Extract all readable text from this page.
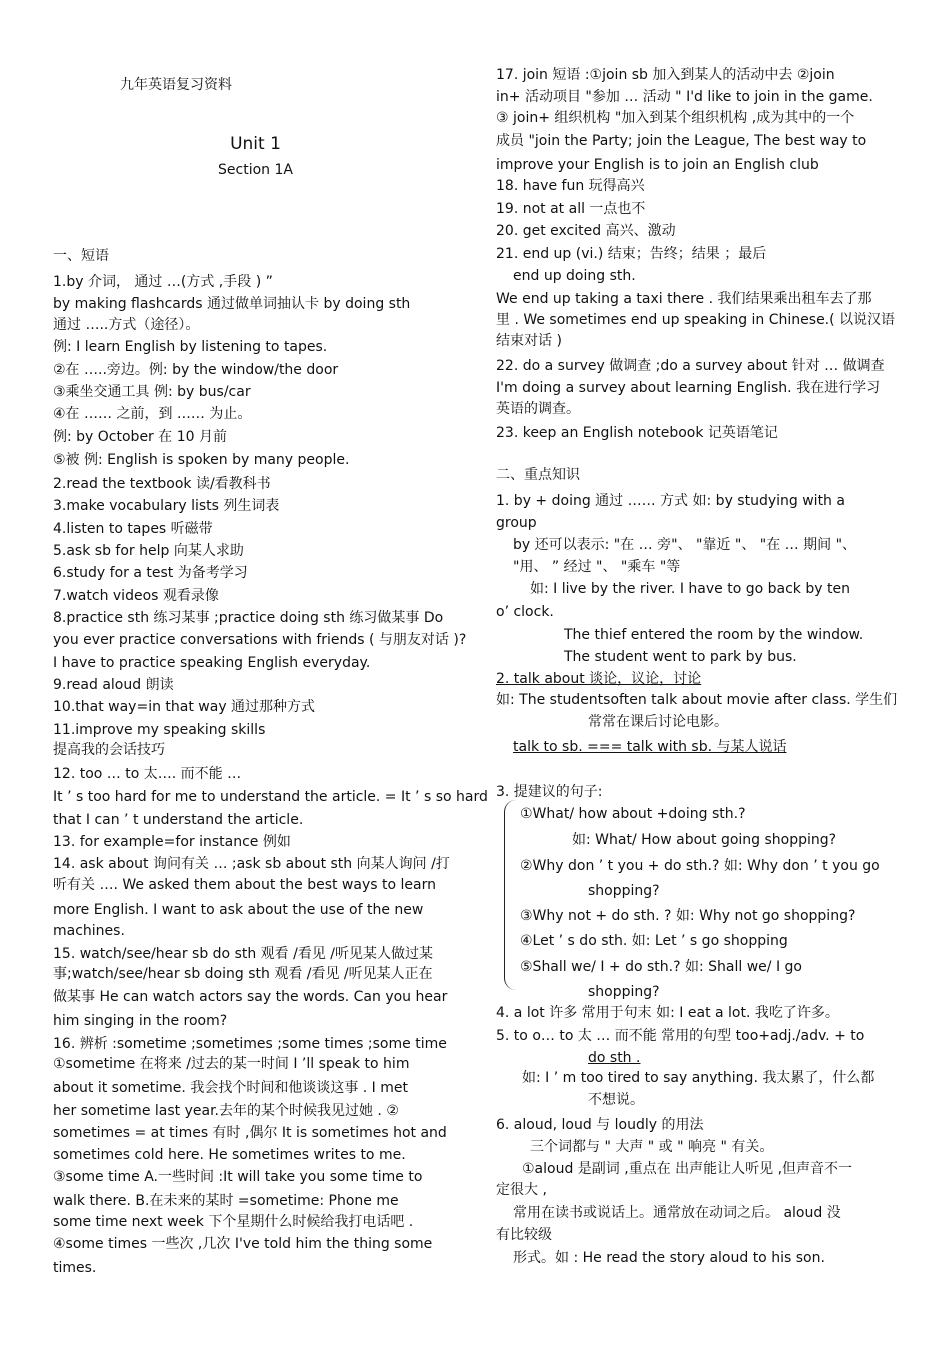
九年英语复习资料
Unit 1
Section 1A
一、短语
1.by 介词， 通过 …(方式 ,手段 ) ”
by making flashcards 通过做单词抽认卡 by doing sth
通过 …..方式（途径）。
例: I learn English by listening to tapes.
②在 …..旁边。例: by the window/the door
③乘坐交通工具 例: by bus/car
④在 …… 之前，到 …… 为止。
例: by October 在 10 月前
⑤被 例: English is spoken by many people.
2.read the textbook 读/看教科书
3.make vocabulary lists 列生词表
4.listen to tapes 听磁带
5.ask sb for help 向某人求助
6.study for a test 为备考学习
7.watch videos 观看录像
8.practice sth 练习某事 ;practice doing sth 练习做某事 Do
you ever practice conversations with friends ( 与朋友对话 )?
I have to practice speaking English everyday.
9.read aloud 朗读
10.that way=in that way 通过那种方式
11.improve my speaking skills
提高我的会话技巧
12. too … to 太…. 而不能 …
It ’ s too hard for me to understand the article. = It ’ s so hard
that I can ’ t understand the article.
13. for example=for instance 例如
14. ask about 询问有关 … ;ask sb about sth 向某人询问 /打
听有关 …. We asked them about the best ways to learn
more English. I want to ask about the use of the new
machines.
15. watch/see/hear sb do sth 观看 /看见 /听见某人做过某
事;watch/see/hear sb doing sth 观看 /看见 /听见某人正在
做某事 He can watch actors say the words. Can you hear
him singing in the room?
16. 辨析 :sometime ;sometimes ;some times ;some time
①sometime 在将来 /过去的某一时间 I ’ll speak to him
about it sometime. 我会找个时间和他谈谈这事 . I met
her sometime last year.去年的某个时候我见过她 . ②
sometimes = at times 有时 ,偶尔 It is sometimes hot and
sometimes cold here. He sometimes writes to me.
③some time A.一些时间 :It will take you some time to
walk there. B.在未来的某时 =sometime: Phone me
some time next week 下个星期什么时候给我打电话吧 .
④some times 一些次 ,几次 I've told him the thing some
times.
17. join 短语 :①join sb 加入到某人的活动中去 ②join
in+ 活动项目 "参加 … 活动 " I'd like to join in the game.
③ join+ 组织机构 "加入到某个组织机构 ,成为其中的一个
成员 "join the Party; join the League, The best way to
improve your English is to join an English club
18. have fun 玩得高兴
19. not at all 一点也不
20. get excited 高兴、激动
21. end up (vi.) 结束；告终；结果 ；最后
end up doing sth.
We end up taking a taxi there . 我们结果乘出租车去了那
里 . We sometimes end up speaking in Chinese.( 以说汉语
结束对话 )
22. do a survey 做调查 ;do a survey about 针对 … 做调查
I'm doing a survey about learning English. 我在进行学习
英语的调查。
23. keep an English notebook 记英语笔记
二、重点知识
1. by + doing 通过 …… 方式 如: by studying with a
group
by 还可以表示: "在 … 旁"、 "靠近 "、 "在 … 期间 "、
"用、 ” 经过 "、 "乘车 "等
如: I live by the river. I have to go back by ten
o’ clock.
The thief entered the room by the window.
The student went to park by bus.
2. talk about 谈论，议论，讨论
如: The studentsoften talk about movie after class. 学生们
常常在课后讨论电影。
talk to sb. === talk with sb. 与某人说话
3. 提建议的句子:
①What/ how about +doing sth.?
如: What/ How about going shopping?
②Why don ’ t you + do sth.? 如: Why don ’ t you go
shopping?
③Why not + do sth. ? 如: Why not go shopping?
④Let ’ s do sth. 如: Let ’ s go shopping
⑤Shall we/ I + do sth.? 如: Shall we/ I go
shopping?
4. a lot 许多 常用于句末 如: I eat a lot. 我吃了许多。
5. to o… to 太 … 而不能 常用的句型 too+adj./adv. + to
do sth .
如: I ’ m too tired to say anything. 我太累了，什么都
不想说。
6. aloud, loud 与 loudly 的用法
三个词都与 " 大声 " 或 " 响亮 " 有关。
①aloud 是副词 ,重点在 出声能让人听见 ,但声音不一
定很大 ,
常用在读书或说话上。通常放在动词之后。 aloud 没
有比较级
形式。如 : He read the story aloud to his son.
